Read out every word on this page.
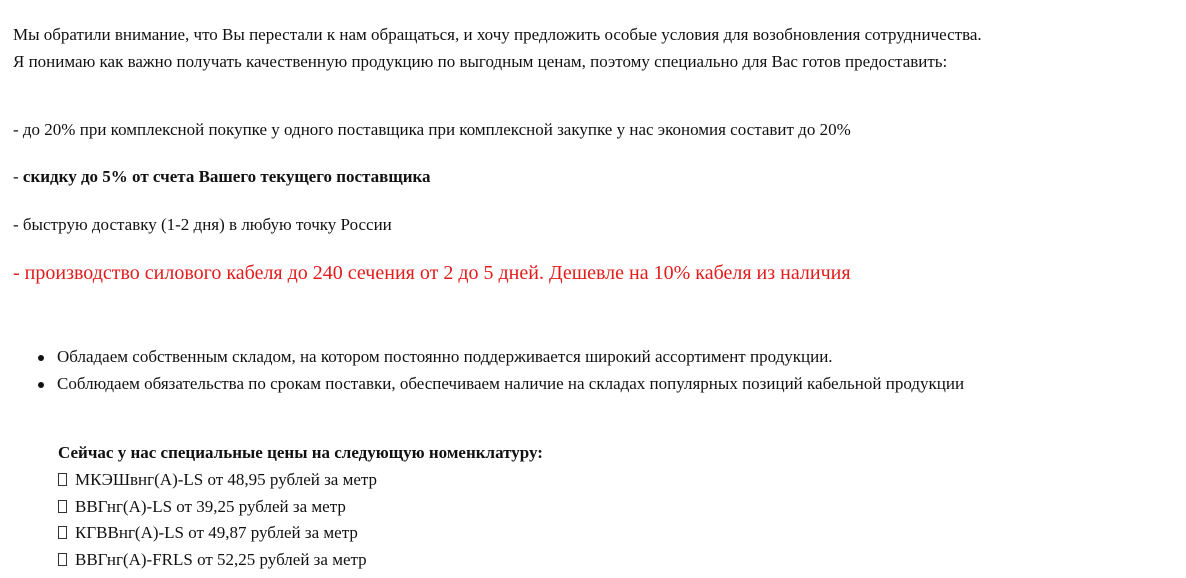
Мы обратили внимание, что Вы перестали к нам обращаться, и хочу предложить особые условия для возобновления сотрудничества.
Я понимаю как важно получать качественную продукцию по выгодным ценам, поэтому специально для Вас готов предоставить:
- до 20% при комплексной покупке у одного поставщика при комплексной закупке у нас экономия составит до 20%
- скидку до 5% от счета Вашего текущего поставщика
- быструю доставку (1-2 дня) в любую точку России
- производство силового кабеля до 240 сечения от 2 до 5 дней. Дешевле на 10% кабеля из наличия
Обладаем собственным складом, на котором постоянно поддерживается широкий ассортимент продукции.
Соблюдаем обязательства по срокам поставки, обеспечиваем наличие на складах популярных позиций кабельной продукции
Сейчас у нас специальные цены на следующую номенклатуру:
МКЭШвнг(А)-LS от 48,95 рублей за метр
ВВГнг(А)-LS от 39,25 рублей за метр
КГВВнг(А)-LS от 49,87 рублей за метр
ВВГнг(А)-FRLS от 52,25 рублей за метр
